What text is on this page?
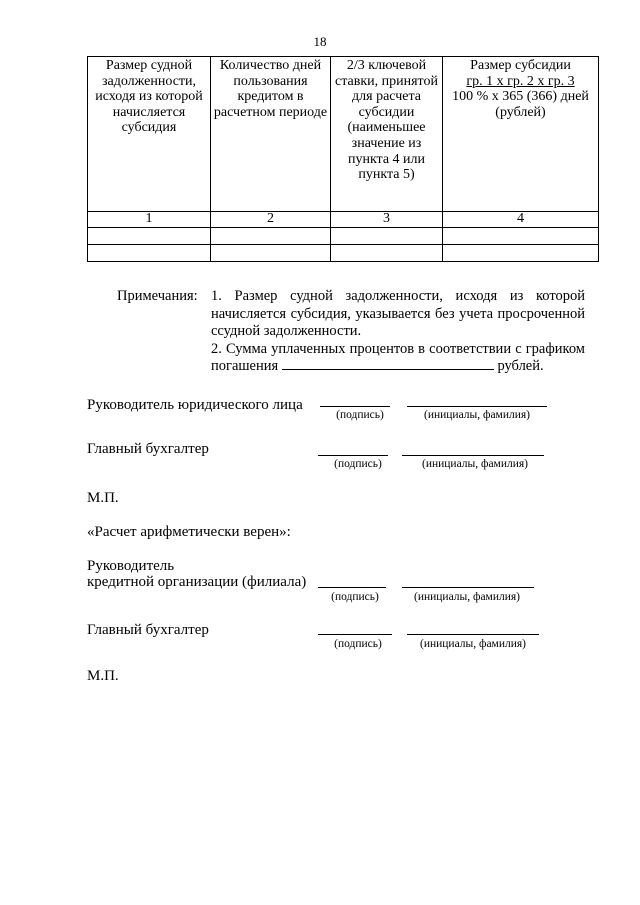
18
Размер судной задолженности, исходя из которой начисляется субсидия	Количество дней пользования кредитом в расчетном периоде	2/3 ключевой ставки, принятой для расчета субсидии (наименьшее значение из пункта 4 или пункта 5)	Размер субсидии
гр. 1 х гр. 2 х гр. 3
100 % х 365 (366) дней
(рублей)

1	2	3	4

Примечания: 1. Размер судной задолженности, исходя из которой начисляется субсидия, указывается без учета просроченной ссудной задолженности.

2. Сумма уплаченных процентов в соответствии с графиком погашения	рублей.

Руководитель юридического лица
(подпись)	(инициалы, фамилия)
Главный бухгалтер
(подпись)	(инициалы, фамилия)
М.П.
«Расчет арифметически верен»:
Руководитель
кредитной организации (филиала)
(подпись)	(инициалы, фамилия)
Главный бухгалтер
(подпись)	(инициалы, фамилия)
М.П.
